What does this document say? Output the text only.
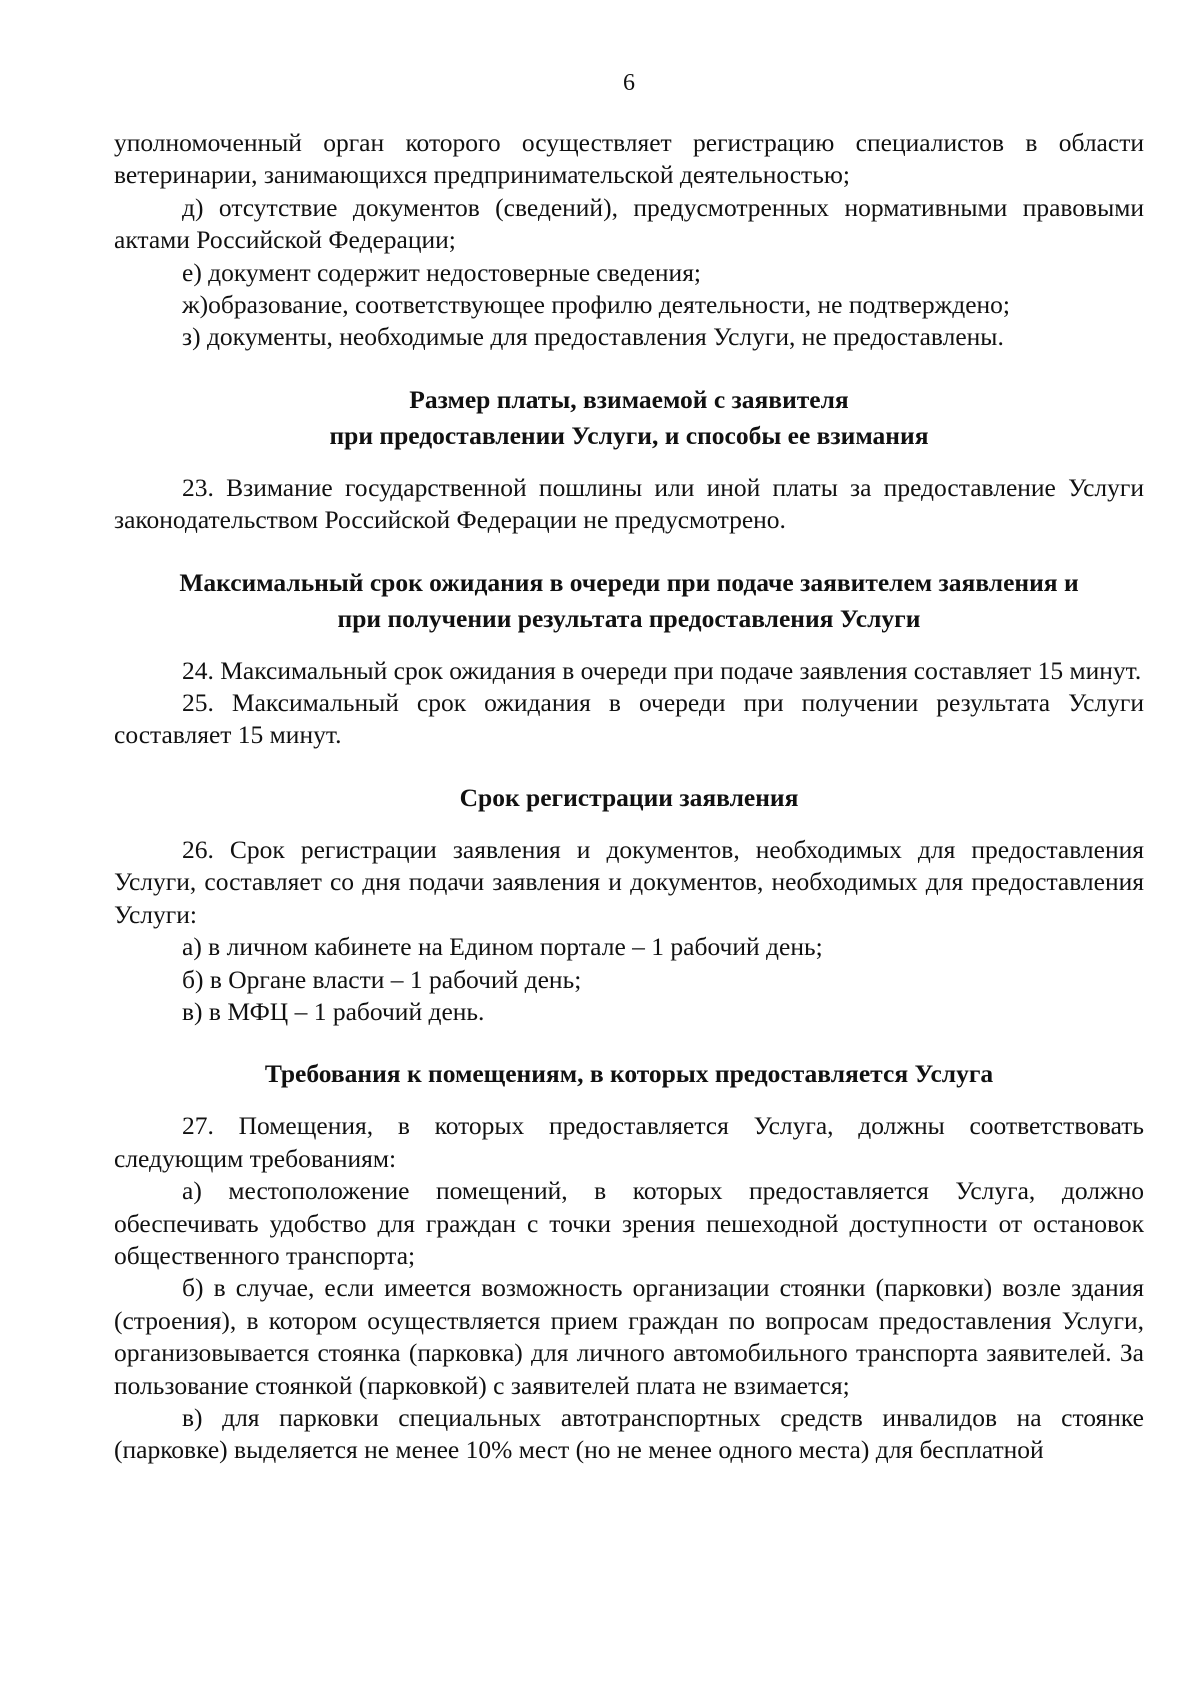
6

уполномоченный орган которого осуществляет регистрацию специалистов в области ветеринарии, занимающихся предпринимательской деятельностью;

д) отсутствие документов (сведений), предусмотренных нормативными правовыми актами Российской Федерации;

е) документ содержит недостоверные сведения;

ж)образование, соответствующее профилю деятельности, не подтверждено;

з) документы, необходимые для предоставления Услуги, не предоставлены.

Размер платы, взимаемой с заявителя
при предоставлении Услуги, и способы ее взимания

23. Взимание государственной пошлины или иной платы за предоставление Услуги законодательством Российской Федерации не предусмотрено.

Максимальный срок ожидания в очереди при подаче заявителем заявления и
при получении результата предоставления Услуги

24. Максимальный срок ожидания в очереди при подаче заявления составляет 15 минут.

25. Максимальный срок ожидания в очереди при получении результата Услуги составляет 15 минут.

Срок регистрации заявления

26. Срок регистрации заявления и документов, необходимых для предоставления Услуги, составляет со дня подачи заявления и документов, необходимых для предоставления Услуги:

а) в личном кабинете на Едином портале – 1 рабочий день;

б) в Органе власти – 1 рабочий день;

в) в МФЦ – 1 рабочий день.

Требования к помещениям, в которых предоставляется Услуга

27. Помещения, в которых предоставляется Услуга, должны соответствовать следующим требованиям:

а) местоположение помещений, в которых предоставляется Услуга, должно обеспечивать удобство для граждан с точки зрения пешеходной доступности от остановок общественного транспорта;

б) в случае, если имеется возможность организации стоянки (парковки) возле здания (строения), в котором осуществляется прием граждан по вопросам предоставления Услуги, организовывается стоянка (парковка) для личного автомобильного транспорта заявителей. За пользование стоянкой (парковкой) с заявителей плата не взимается;

в) для парковки специальных автотранспортных средств инвалидов на стоянке (парковке) выделяется не менее 10% мест (но не менее одного места) для бесплатной
